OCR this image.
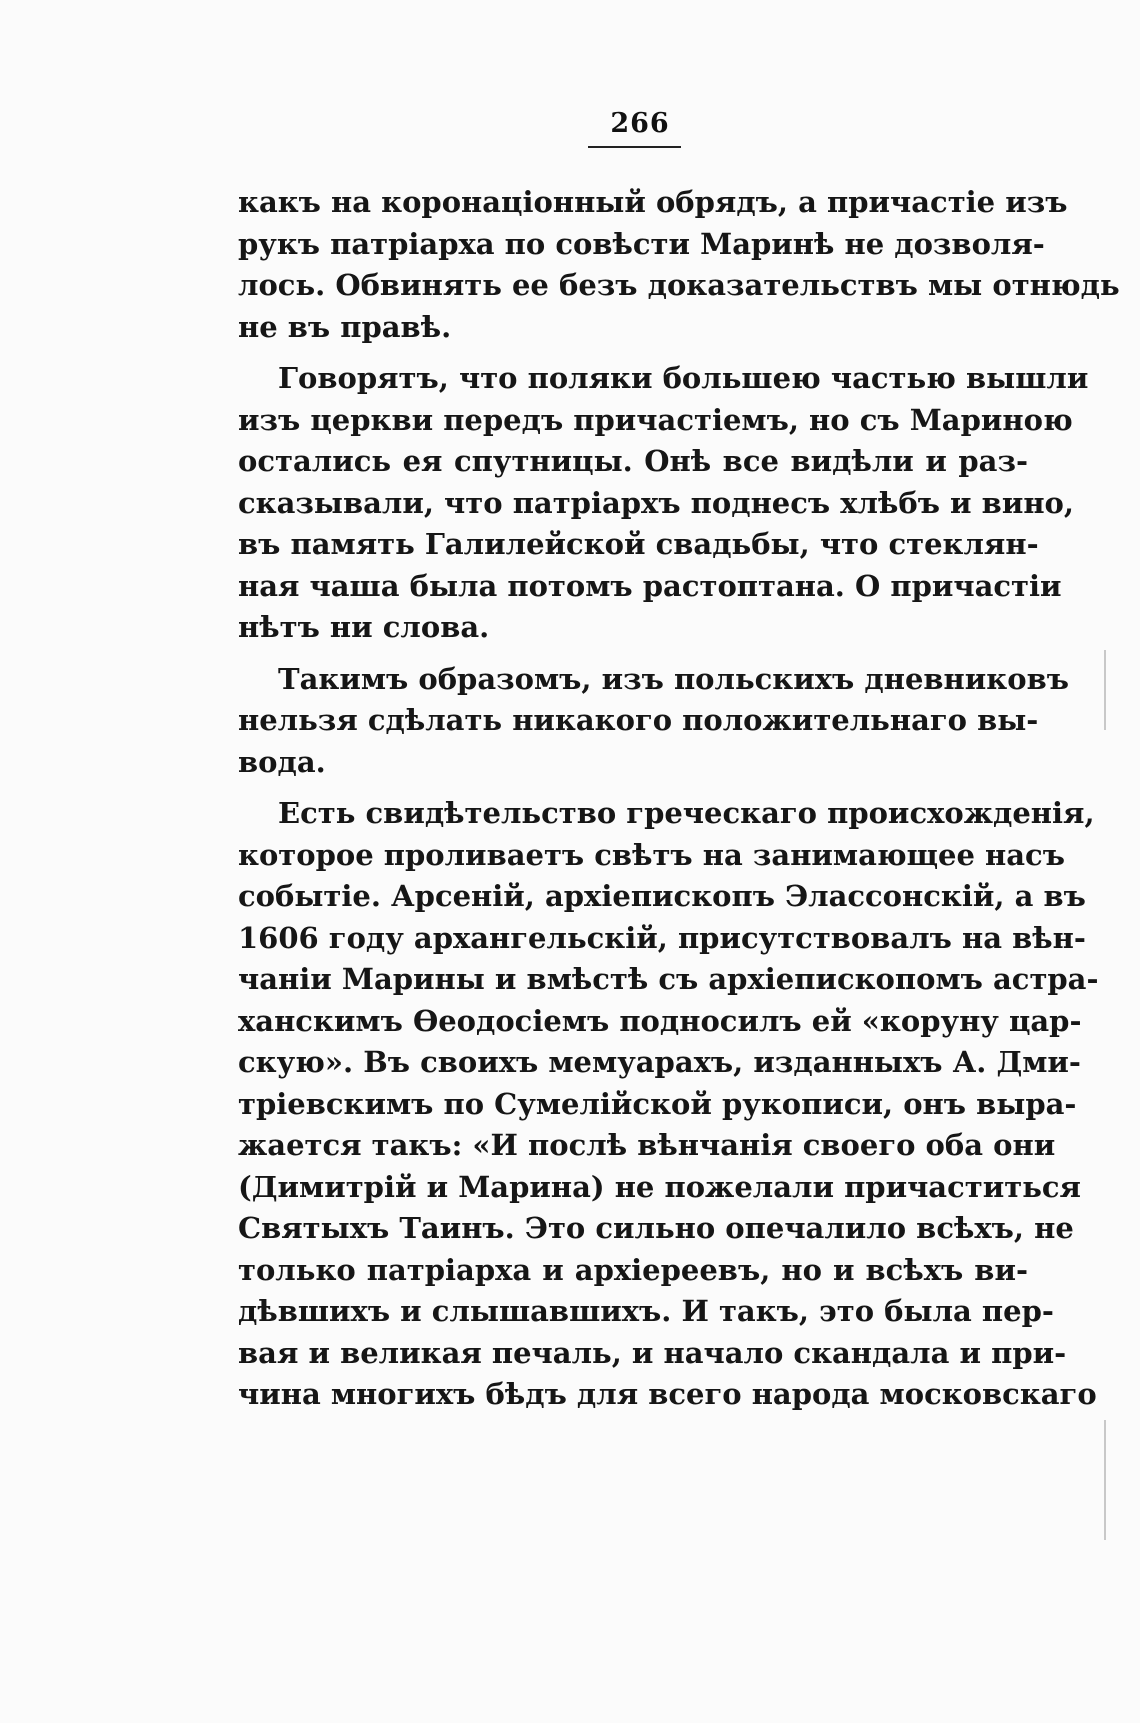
266
какъ на коронаціонный обрядъ, а причастіе изъ
рукъ патріарха по совѣсти Маринѣ не дозволя-
лось. Обвинять ее безъ доказательствъ мы отнюдь
не въ правѣ.
Говорятъ, что поляки большею частью вышли
изъ церкви передъ причастіемъ, но съ Мариною
остались ея спутницы. Онѣ все видѣли и раз-
сказывали, что патріархъ поднесъ хлѣбъ и вино,
въ память Галилейской свадьбы, что стеклян-
ная чаша была потомъ растоптана. О причастіи
нѣтъ ни слова.
Такимъ образомъ, изъ польскихъ дневниковъ
нельзя сдѣлать никакого положительнаго вы-
вода.
Есть свидѣтельство греческаго происхожденія,
которое проливаетъ свѣтъ на занимающее насъ
событіе. Арсеній, архіепископъ Элассонскій, а въ
1606 году архангельскій, присутствовалъ на вѣн-
чаніи Марины и вмѣстѣ съ архіепископомъ астра-
ханскимъ Ѳеодосіемъ подносилъ ей «коруну цар-
скую». Въ своихъ мемуарахъ, изданныхъ А. Дми-
тріевскимъ по Сумелійской рукописи, онъ выра-
жается такъ: «И послѣ вѣнчанія своего оба они
(Димитрій и Марина) не пожелали причаститься
Святыхъ Таинъ. Это сильно опечалило всѣхъ, не
только патріарха и архіереевъ, но и всѣхъ ви-
дѣвшихъ и слышавшихъ. И такъ, это была пер-
вая и великая печаль, и начало скандала и при-
чина многихъ бѣдъ для всего народа московскаго
